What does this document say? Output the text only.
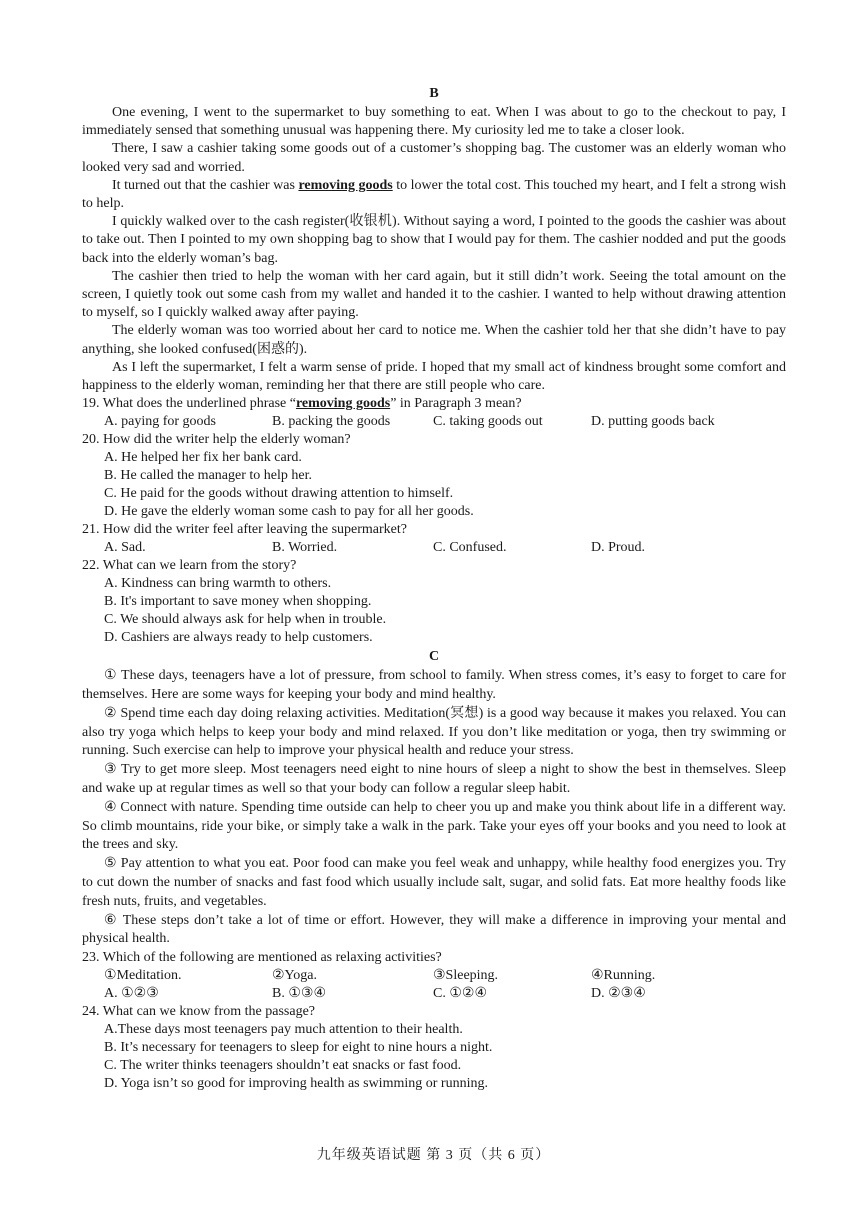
B

One evening, I went to the supermarket to buy something to eat. When I was about to go to the checkout to pay, I immediately sensed that something unusual was happening there. My curiosity led me to take a closer look.

There, I saw a cashier taking some goods out of a customer’s shopping bag. The customer was an elderly woman who looked very sad and worried.

It turned out that the cashier was removing goods to lower the total cost. This touched my heart, and I felt a strong wish to help.

I quickly walked over to the cash register(收银机). Without saying a word, I pointed to the goods the cashier was about to take out. Then I pointed to my own shopping bag to show that I would pay for them. The cashier nodded and put the goods back into the elderly woman’s bag.

The cashier then tried to help the woman with her card again, but it still didn’t work. Seeing the total amount on the screen, I quietly took out some cash from my wallet and handed it to the cashier. I wanted to help without drawing attention to myself, so I quickly walked away after paying.

The elderly woman was too worried about her card to notice me. When the cashier told her that she didn’t have to pay anything, she looked confused(困惑的).

As I left the supermarket, I felt a warm sense of pride. I hoped that my small act of kindness brought some comfort and happiness to the elderly woman, reminding her that there are still people who care.

19. What does the underlined phrase “removing goods” in Paragraph 3 mean?

A. paying for goods	B. packing the goods	C. taking goods out	D. putting goods back

20. How did the writer help the elderly woman?

A. He helped her fix her bank card.

B. He called the manager to help her.

C. He paid for the goods without drawing attention to himself.

D. He gave the elderly woman some cash to pay for all her goods.

21. How did the writer feel after leaving the supermarket?

A. Sad.	B. Worried.	C. Confused.	D. Proud.

22. What can we learn from the story?

A. Kindness can bring warmth to others.

B. It's important to save money when shopping.

C. We should always ask for help when in trouble.

D. Cashiers are always ready to help customers.

C

① These days, teenagers have a lot of pressure, from school to family. When stress comes, it’s easy to forget to care for themselves. Here are some ways for keeping your body and mind healthy.

② Spend time each day doing relaxing activities. Meditation(冥想) is a good way because it makes you relaxed. You can also try yoga which helps to keep your body and mind relaxed. If you don’t like meditation or yoga, then try swimming or running. Such exercise can help to improve your physical health and reduce your stress.

③ Try to get more sleep. Most teenagers need eight to nine hours of sleep a night to show the best in themselves. Sleep and wake up at regular times as well so that your body can follow a regular sleep habit.

④ Connect with nature. Spending time outside can help to cheer you up and make you think about life in a different way. So climb mountains, ride your bike, or simply take a walk in the park. Take your eyes off your books and you need to look at the trees and sky.

⑤ Pay attention to what you eat. Poor food can make you feel weak and unhappy, while healthy food energizes you. Try to cut down the number of snacks and fast food which usually include salt, sugar, and solid fats. Eat more healthy foods like fresh nuts, fruits, and vegetables.

⑥ These steps don’t take a lot of time or effort. However, they will make a difference in improving your mental and physical health.

23. Which of the following are mentioned as relaxing activities?

①Meditation.	②Yoga.	③Sleeping.	④Running.
A. ①②③	B. ①③④	C. ①②④	D. ②③④

24. What can we know from the passage?

A.These days most teenagers pay much attention to their health.

B. It’s necessary for teenagers to sleep for eight to nine hours a night.

C. The writer thinks teenagers shouldn’t eat snacks or fast food.

D. Yoga isn’t so good for improving health as swimming or running.

九年级英语试题 第 3 页（共 6 页）
